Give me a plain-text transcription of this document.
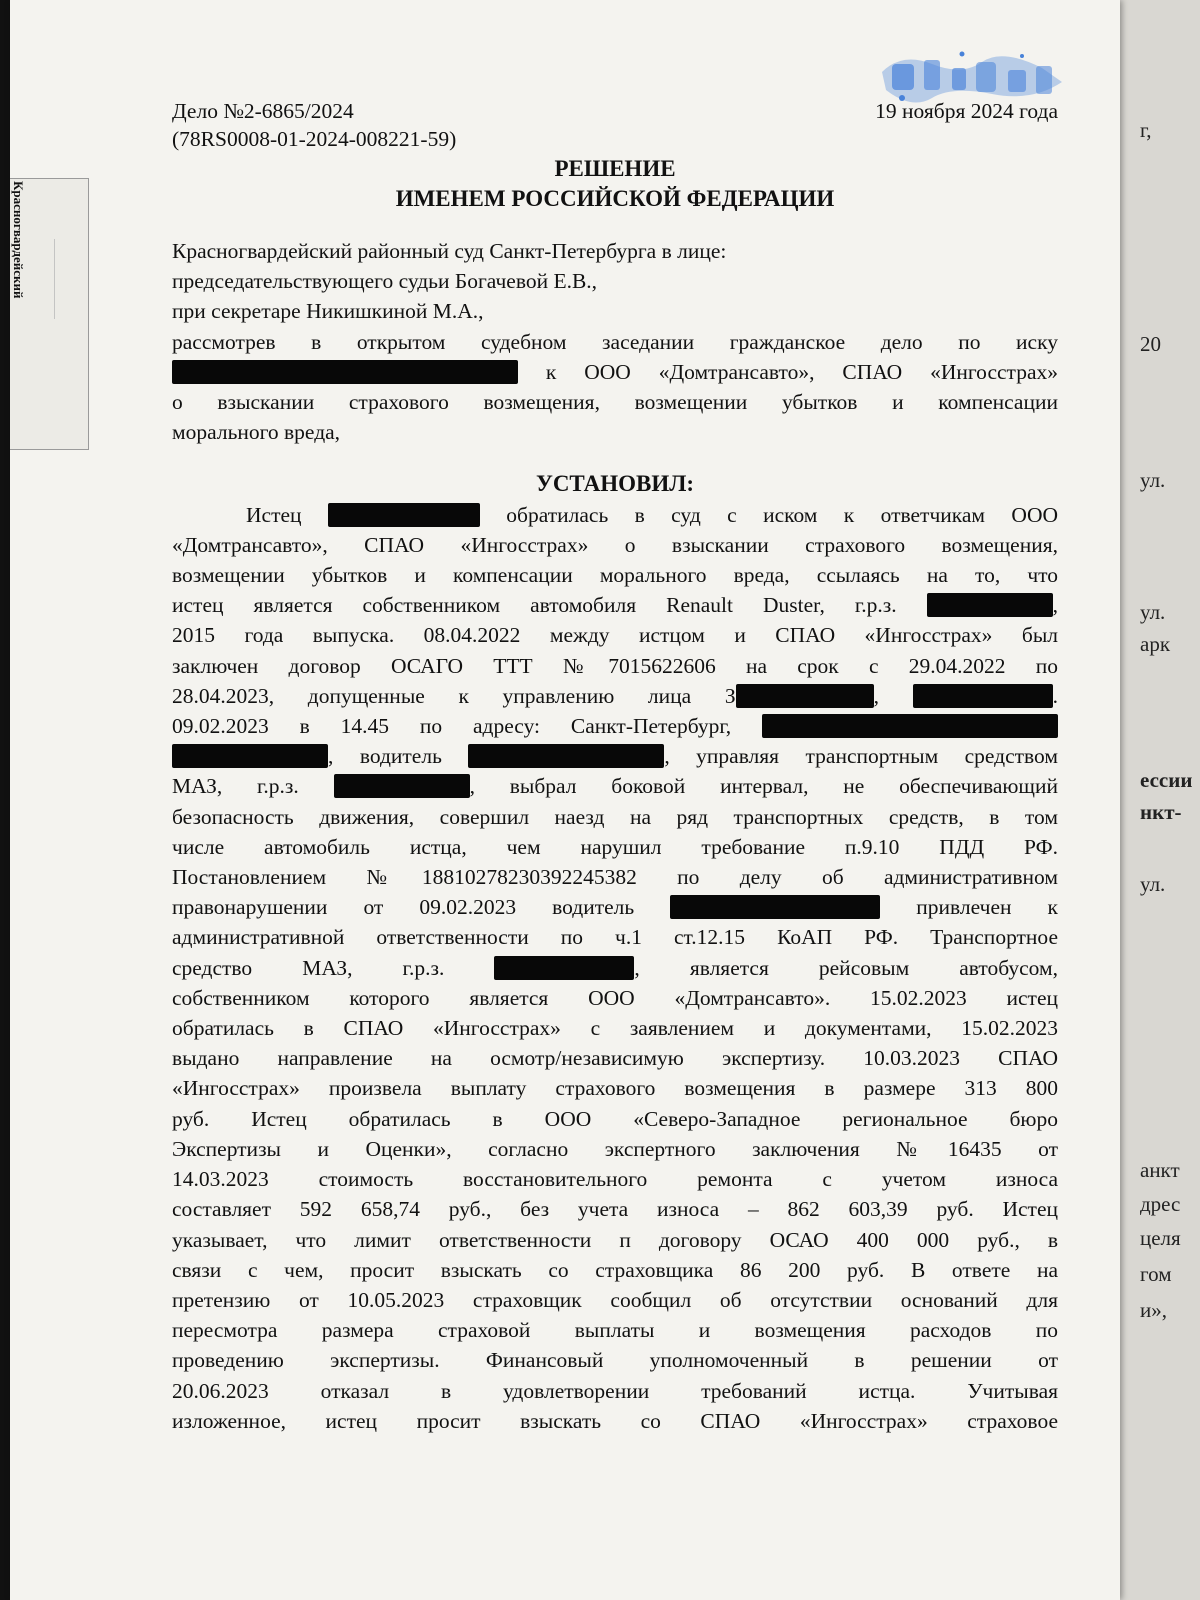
г,
20
ул.
ул.
арк
ессии
нкт-
ул.
анкт
дрес
целя
гом
и»,
Красногвардейский
Дело №2-6865/2024
(78RS0008-01-2024-008221-59)
19 ноября 2024 года
РЕШЕНИЕ
ИМЕНЕМ РОССИЙСКОЙ ФЕДЕРАЦИИ

Красногвардейский районный суд Санкт-Петербурга в лице:

председательствующего судьи Богачевой Е.В.,

при секретаре Никишкиной М.А.,

рассмотрев в открытом судебном заседании гражданское дело по иску

к ООО «Домтрансавто», СПАО «Ингосстрах»

о взыскании страхового возмещения, возмещении убытков и компенсации

морального вреда,

УСТАНОВИЛ:

Истец	обратилась в суд с иском к ответчикам ООО

«Домтрансавто», СПАО «Ингосстрах» о взыскании страхового возмещения,

возмещении убытков и компенсации морального вреда, ссылаясь на то, что

истец является собственником автомобиля Renault Duster, г.р.з.	,

2015 года выпуска. 08.04.2022 между истцом и СПАО «Ингосстрах» был

заключен договор ОСАГО ТТТ №7015622606 на срок с 29.04.2022 по

28.04.2023, допущенные к управлению лица З	,	.

09.02.2023 в 14.45 по адресу: Санкт-Петербург,

, водитель	, управляя транспортным средством

МАЗ, г.р.з.	, выбрал боковой интервал, не обеспечивающий

безопасность движения, совершил наезд на ряд транспортных средств, в том

числе автомобиль истца, чем нарушил требование п.9.10 ПДД РФ.

Постановлением №18810278230392245382 по делу об административном

правонарушении от 09.02.2023 водитель	привлечен к

административной ответственности по ч.1 ст.12.15 КоАП РФ. Транспортное

средство МАЗ, г.р.з.	, является рейсовым автобусом,

собственником которого является ООО «Домтрансавто». 15.02.2023 истец

обратилась в СПАО «Ингосстрах» с заявлением и документами, 15.02.2023

выдано направление на осмотр/независимую экспертизу. 10.03.2023 СПАО

«Ингосстрах» произвела выплату страхового возмещения в размере 313 800

руб. Истец обратилась в ООО «Северо-Западное региональное бюро

Экспертизы и Оценки», согласно экспертного заключения №16435 от

14.03.2023 стоимость восстановительного ремонта с учетом износа

составляет 592 658,74 руб., без учета износа – 862 603,39 руб. Истец

указывает, что лимит ответственности п договору ОСАО 400 000 руб., в

связи с чем, просит взыскать со страховщика 86 200 руб. В ответе на

претензию от 10.05.2023 страховщик сообщил об отсутствии оснований для

пересмотра размера страховой выплаты и возмещения расходов по

проведению экспертизы. Финансовый уполномоченный в решении от

20.06.2023 отказал в удовлетворении требований истца. Учитывая

изложенное, истец просит взыскать со СПАО «Ингосстрах» страховое
